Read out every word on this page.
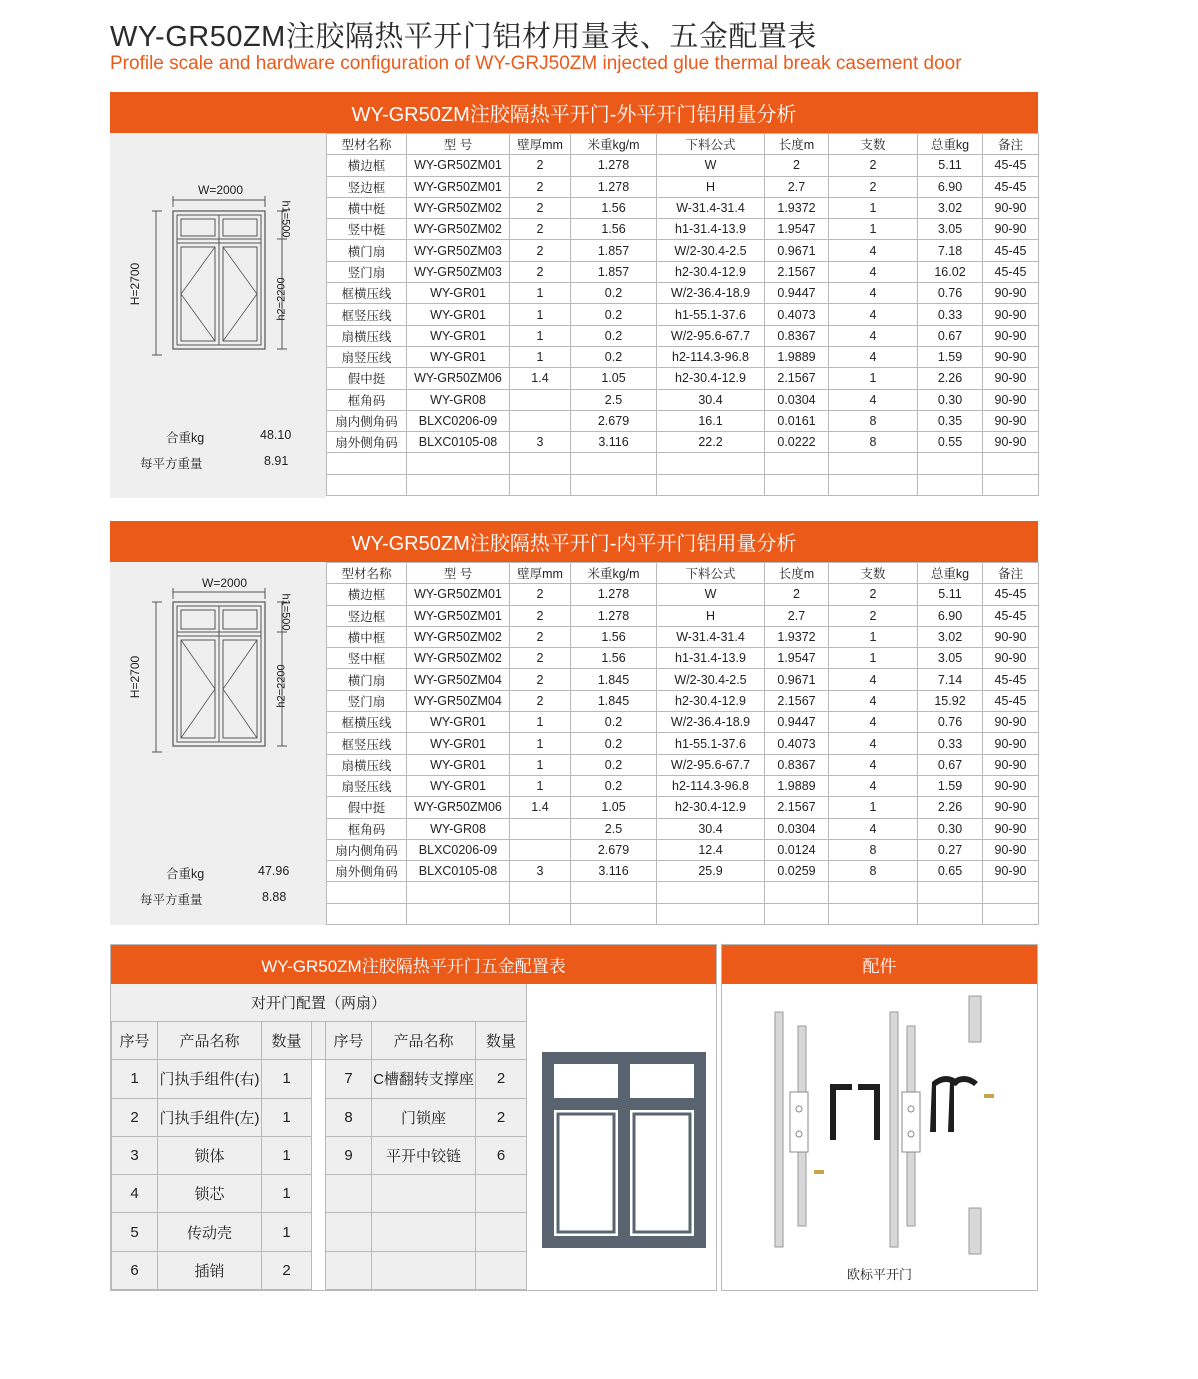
WY-GR50ZM注胶隔热平开门铝材用量表、五金配置表
Profile scale and hardware configuration of WY-GRJ50ZM injected glue thermal break casement door
WY-GR50ZM注胶隔热平开门-外平开门铝用量分析
W=2000
H=2700
h1=500
h2=2200
合重kg	48.10
每平方重量	8.91
型材名称	型 号	壁厚mm	米重kg/m	下料公式	长度m	支数	总重kg	备注
横边框	WY-GR50ZM01	2	1.278	W	2	2	5.11	45-45
竖边框	WY-GR50ZM01	2	1.278	H	2.7	2	6.90	45-45
横中梃	WY-GR50ZM02	2	1.56	W-31.4-31.4	1.9372	1	3.02	90-90
竖中梃	WY-GR50ZM02	2	1.56	h1-31.4-13.9	1.9547	1	3.05	90-90
横门扇	WY-GR50ZM03	2	1.857	W/2-30.4-2.5	0.9671	4	7.18	45-45
竖门扇	WY-GR50ZM03	2	1.857	h2-30.4-12.9	2.1567	4	16.02	45-45
框横压线	WY-GR01	1	0.2	W/2-36.4-18.9	0.9447	4	0.76	90-90
框竖压线	WY-GR01	1	0.2	h1-55.1-37.6	0.4073	4	0.33	90-90
扇横压线	WY-GR01	1	0.2	W/2-95.6-67.7	0.8367	4	0.67	90-90
扇竖压线	WY-GR01	1	0.2	h2-114.3-96.8	1.9889	4	1.59	90-90
假中挺	WY-GR50ZM06	1.4	1.05	h2-30.4-12.9	2.1567	1	2.26	90-90
框角码	WY-GR08		2.5	30.4	0.0304	4	0.30	90-90
扇内侧角码	BLXC0206-09		2.679	16.1	0.0161	8	0.35	90-90
扇外侧角码	BLXC0105-08	3	3.116	22.2	0.0222	8	0.55	90-90

WY-GR50ZM注胶隔热平开门-内平开门铝用量分析
W=2000
H=2700
h1=500
h2=2200
合重kg	47.96
每平方重量	8.88
型材名称	型 号	壁厚mm	米重kg/m	下料公式	长度m	支数	总重kg	备注
横边框	WY-GR50ZM01	2	1.278	W	2	2	5.11	45-45
竖边框	WY-GR50ZM01	2	1.278	H	2.7	2	6.90	45-45
横中框	WY-GR50ZM02	2	1.56	W-31.4-31.4	1.9372	1	3.02	90-90
竖中框	WY-GR50ZM02	2	1.56	h1-31.4-13.9	1.9547	1	3.05	90-90
横门扇	WY-GR50ZM04	2	1.845	W/2-30.4-2.5	0.9671	4	7.14	45-45
竖门扇	WY-GR50ZM04	2	1.845	h2-30.4-12.9	2.1567	4	15.92	45-45
框横压线	WY-GR01	1	0.2	W/2-36.4-18.9	0.9447	4	0.76	90-90
框竖压线	WY-GR01	1	0.2	h1-55.1-37.6	0.4073	4	0.33	90-90
扇横压线	WY-GR01	1	0.2	W/2-95.6-67.7	0.8367	4	0.67	90-90
扇竖压线	WY-GR01	1	0.2	h2-114.3-96.8	1.9889	4	1.59	90-90
假中挺	WY-GR50ZM06	1.4	1.05	h2-30.4-12.9	2.1567	1	2.26	90-90
框角码	WY-GR08		2.5	30.4	0.0304	4	0.30	90-90
扇内侧角码	BLXC0206-09		2.679	12.4	0.0124	8	0.27	90-90
扇外侧角码	BLXC0105-08	3	3.116	25.9	0.0259	8	0.65	90-90

WY-GR50ZM注胶隔热平开门五金配置表
对开门配置（两扇）
序号	产品名称	数量		序号	产品名称	数量
1	门执手组件(右)	1		7	C槽翻转支撑座	2
2	门执手组件(左)	1		8	门锁座	2
3	锁体	1		9	平开中铰链	6
4	锁芯	1				
5	传动壳	1				
6	插销	2				
配件
欧标平开门
